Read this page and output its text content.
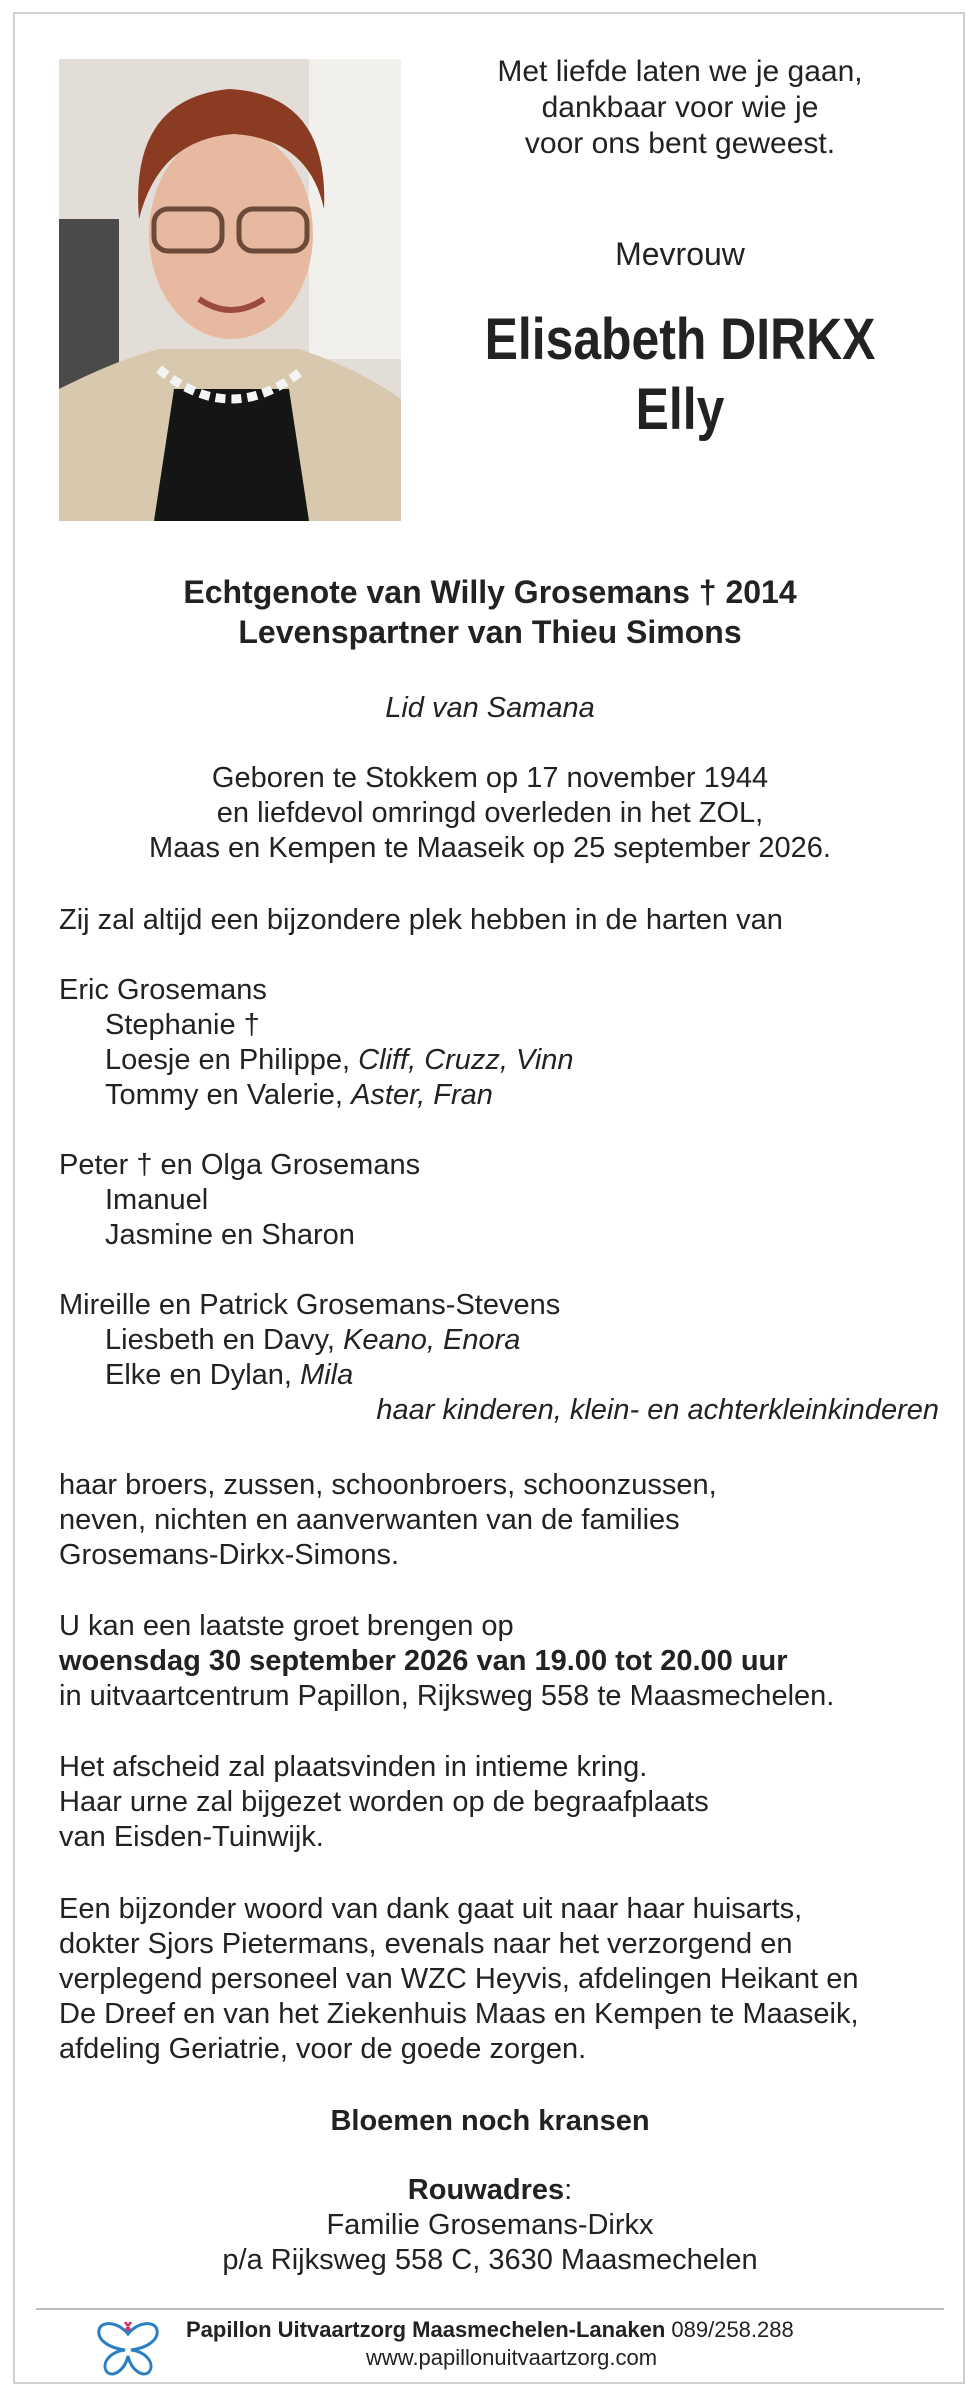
Met liefde laten we je gaan,
dankbaar voor wie je
voor ons bent geweest.
Mevrouw
Elisabeth DIRKX
Elly
Echtgenote van Willy Grosemans † 2014
Levenspartner van Thieu Simons
Lid van Samana
Geboren te Stokkem op 17 november 1944
en liefdevol omringd overleden in het ZOL,
Maas en Kempen te Maaseik op 25 september 2026.
Zij zal altijd een bijzondere plek hebben in de harten van
Eric Grosemans
Stephanie †
Loesje en Philippe, Cliff, Cruzz, Vinn
Tommy en Valerie, Aster, Fran
Peter † en Olga Grosemans
Imanuel
Jasmine en Sharon
Mireille en Patrick Grosemans-Stevens
Liesbeth en Davy, Keano, Enora
Elke en Dylan, Mila
haar kinderen, klein- en achterkleinkinderen
haar broers, zussen, schoonbroers, schoonzussen,
neven, nichten en aanverwanten van de families
Grosemans-Dirkx-Simons.
U kan een laatste groet brengen op
woensdag 30 september 2026 van 19.00 tot 20.00 uur
in uitvaartcentrum Papillon, Rijksweg 558 te Maasmechelen.
Het afscheid zal plaatsvinden in intieme kring.
Haar urne zal bijgezet worden op de begraafplaats
van Eisden-Tuinwijk.
Een bijzonder woord van dank gaat uit naar haar huisarts,
dokter Sjors Pietermans, evenals naar het verzorgend en
verplegend personeel van WZC Heyvis, afdelingen Heikant en
De Dreef en van het Ziekenhuis Maas en Kempen te Maaseik,
afdeling Geriatrie, voor de goede zorgen.
Bloemen noch kransen
Rouwadres:
Familie Grosemans-Dirkx
p/a Rijksweg 558 C, 3630 Maasmechelen
Papillon Uitvaartzorg Maasmechelen-Lanaken 089/258.288
www.papillonuitvaartzorg.com
